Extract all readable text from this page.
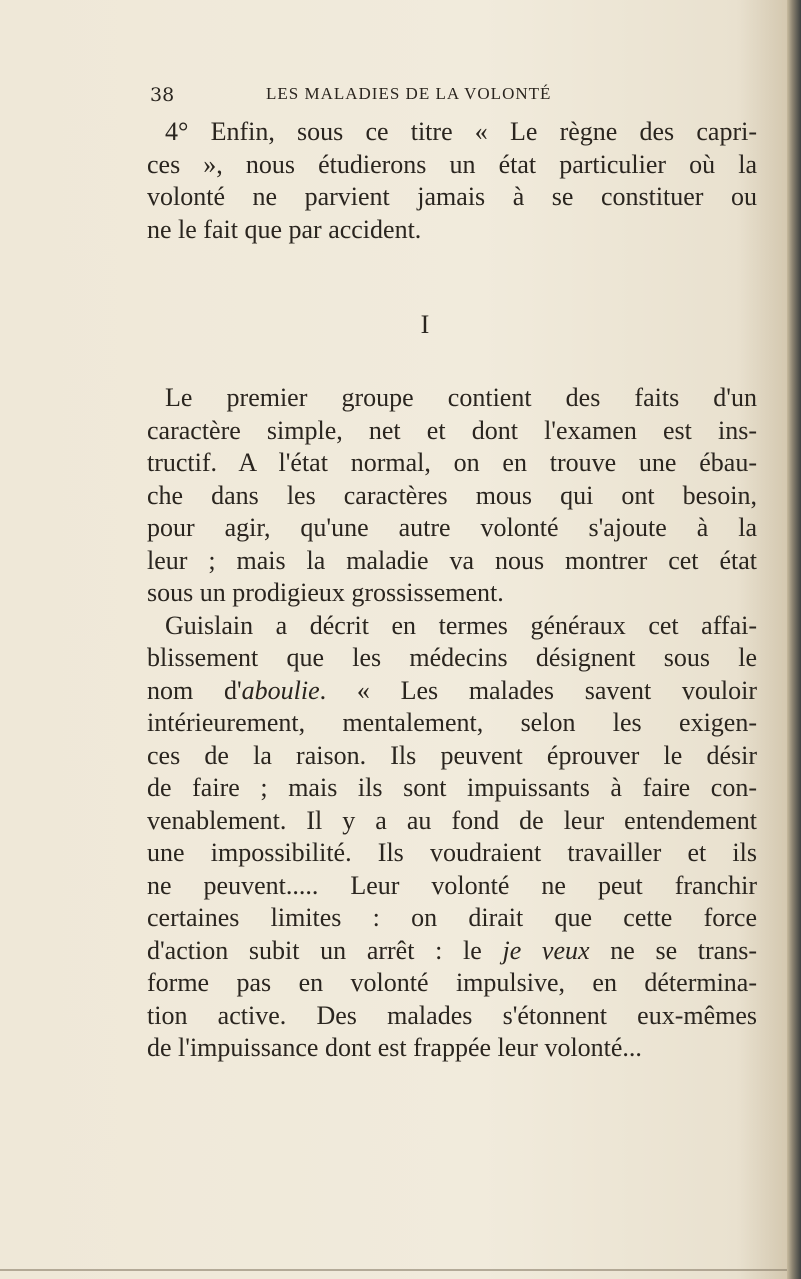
38	LES MALADIES DE LA VOLONTÉ
4° Enfin, sous ce titre « Le règne des capri-
ces », nous étudierons un état particulier où la
volonté ne parvient jamais à se constituer ou
ne le fait que par accident.
I
Le premier groupe contient des faits d'un
caractère simple, net et dont l'examen est ins-
tructif. A l'état normal, on en trouve une ébau-
che dans les caractères mous qui ont besoin,
pour agir, qu'une autre volonté s'ajoute à la
leur ; mais la maladie va nous montrer cet état
sous un prodigieux grossissement.
Guislain a décrit en termes généraux cet affai-
blissement que les médecins désignent sous le
nom d'aboulie. « Les malades savent vouloir
intérieurement, mentalement, selon les exigen-
ces de la raison. Ils peuvent éprouver le désir
de faire ; mais ils sont impuissants à faire con-
venablement. Il y a au fond de leur entendement
une impossibilité. Ils voudraient travailler et ils
ne peuvent..... Leur volonté ne peut franchir
certaines limites : on dirait que cette force
d'action subit un arrêt : le je veux ne se trans-
forme pas en volonté impulsive, en détermina-
tion active. Des malades s'étonnent eux-mêmes
de l'impuissance dont est frappée leur volonté...
